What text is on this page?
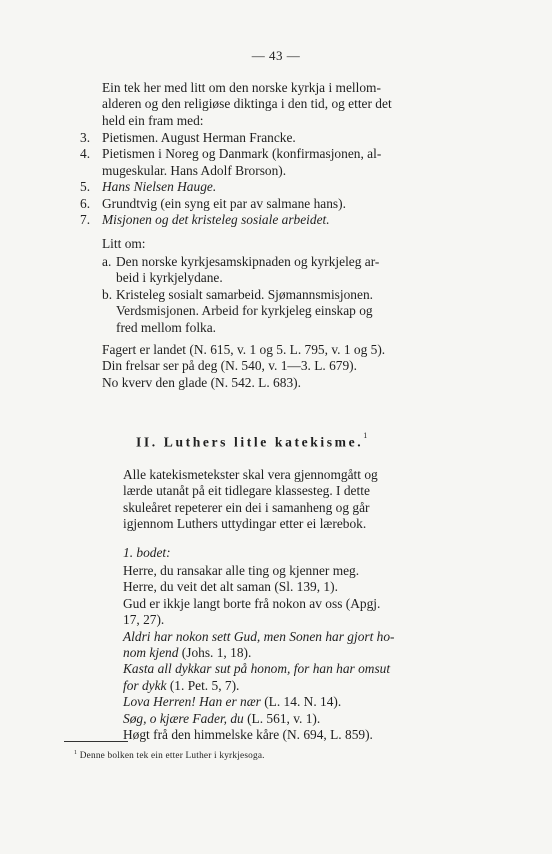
— 43 —
Ein tek her med litt om den norske kyrkja i mellom-
alderen og den religiøse diktinga i den tid, og etter det
held ein fram med:
3. Pietismen. August Herman Francke.
4. Pietismen i Noreg og Danmark (konfirmasjonen, al-
mugeskular. Hans Adolf Brorson).
5. Hans Nielsen Hauge.
6. Grundtvig (ein syng eit par av salmane hans).
7. Misjonen og det kristeleg sosiale arbeidet.
Litt om:
a. Den norske kyrkjesamskipnaden og kyrkjeleg ar-
beid i kyrkjelydane.
b. Kristeleg sosialt samarbeid. Sjømannsmisjonen.
Verdsmisjonen. Arbeid for kyrkjeleg einskap og
fred mellom folka.
Fagert er landet (N. 615, v. 1 og 5. L. 795, v. 1 og 5).
Din frelsar ser på deg (N. 540, v. 1—3. L. 679).
No kverv den glade (N. 542. L. 683).
II. Luthers litle katekisme.$^1$
Alle katekismetekster skal vera gjennomgått og
lærde utanåt på eit tidlegare klassesteg. I dette
skuleåret repeterer ein dei i samanheng og går
igjennom Luthers uttydingar etter ei lærebok.
1. bodet:
Herre, du ransakar alle ting og kjenner meg.
Herre, du veit det alt saman (Sl. 139, 1).
Gud er ikkje langt borte frå nokon av oss (Apgj.
17, 27).
Aldri har nokon sett Gud, men Sonen har gjort ho-
nom kjend (Johs. 1, 18).
Kasta all dykkar sut på honom, for han har omsut
for dykk (1. Pet. 5, 7).
Lova Herren! Han er nær (L. 14. N. 14).
Søg, o kjære Fader, du (L. 561, v. 1).
Høgt frå den himmelske kåre (N. 694, L. 859).
$^1$ Denne bolken tek ein etter Luther i kyrkjesoga.
